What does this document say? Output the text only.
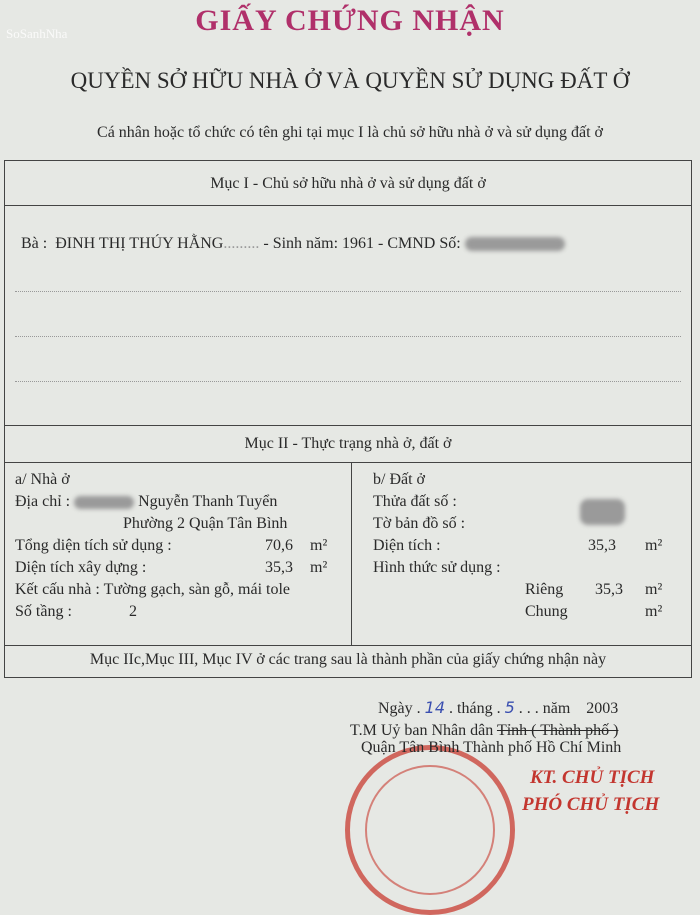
SoSanhNha	GIẤY CHỨNG NHẬN
QUYỀN SỞ HỮU NHÀ Ở VÀ QUYỀN SỬ DỤNG ĐẤT Ở
Cá nhân hoặc tổ chức có tên ghi tại mục I là chủ sở hữu nhà ở và sử dụng đất ở
Mục I - Chủ sở hữu nhà ở và sử dụng đất ở
Bà : ĐINH THỊ THÚY HẰNG......... - Sinh năm: 1961 - CMND Số:
Mục II - Thực trạng nhà ở, đất ở
a/ Nhà ở
Địa chỉ :	Nguyễn Thanh Tuyển
Phường 2 Quận Tân Bình
Tổng diện tích sử dụng :	70,6 m²
Diện tích xây dựng :	35,3 m²
Kết cấu nhà : Tường gạch, sàn gỗ, mái tole
Số tầng :	2
b/ Đất ở
Thửa đất số :
Tờ bản đồ số :
Diện tích :	35,3 m²
Hình thức sử dụng :
Riêng 35,3 m²
Chung	m²
Mục IIc,Mục III, Mục IV ở các trang sau là thành phần của giấy chứng nhận này
Ngày . 14 . tháng . 5 . . . năm 2003
T.M Uỷ ban Nhân dân Tỉnh ( Thành phố )
Quận Tân Bình Thành phố Hồ Chí Minh
KT. CHỦ TỊCH
PHÓ CHỦ TỊCH
